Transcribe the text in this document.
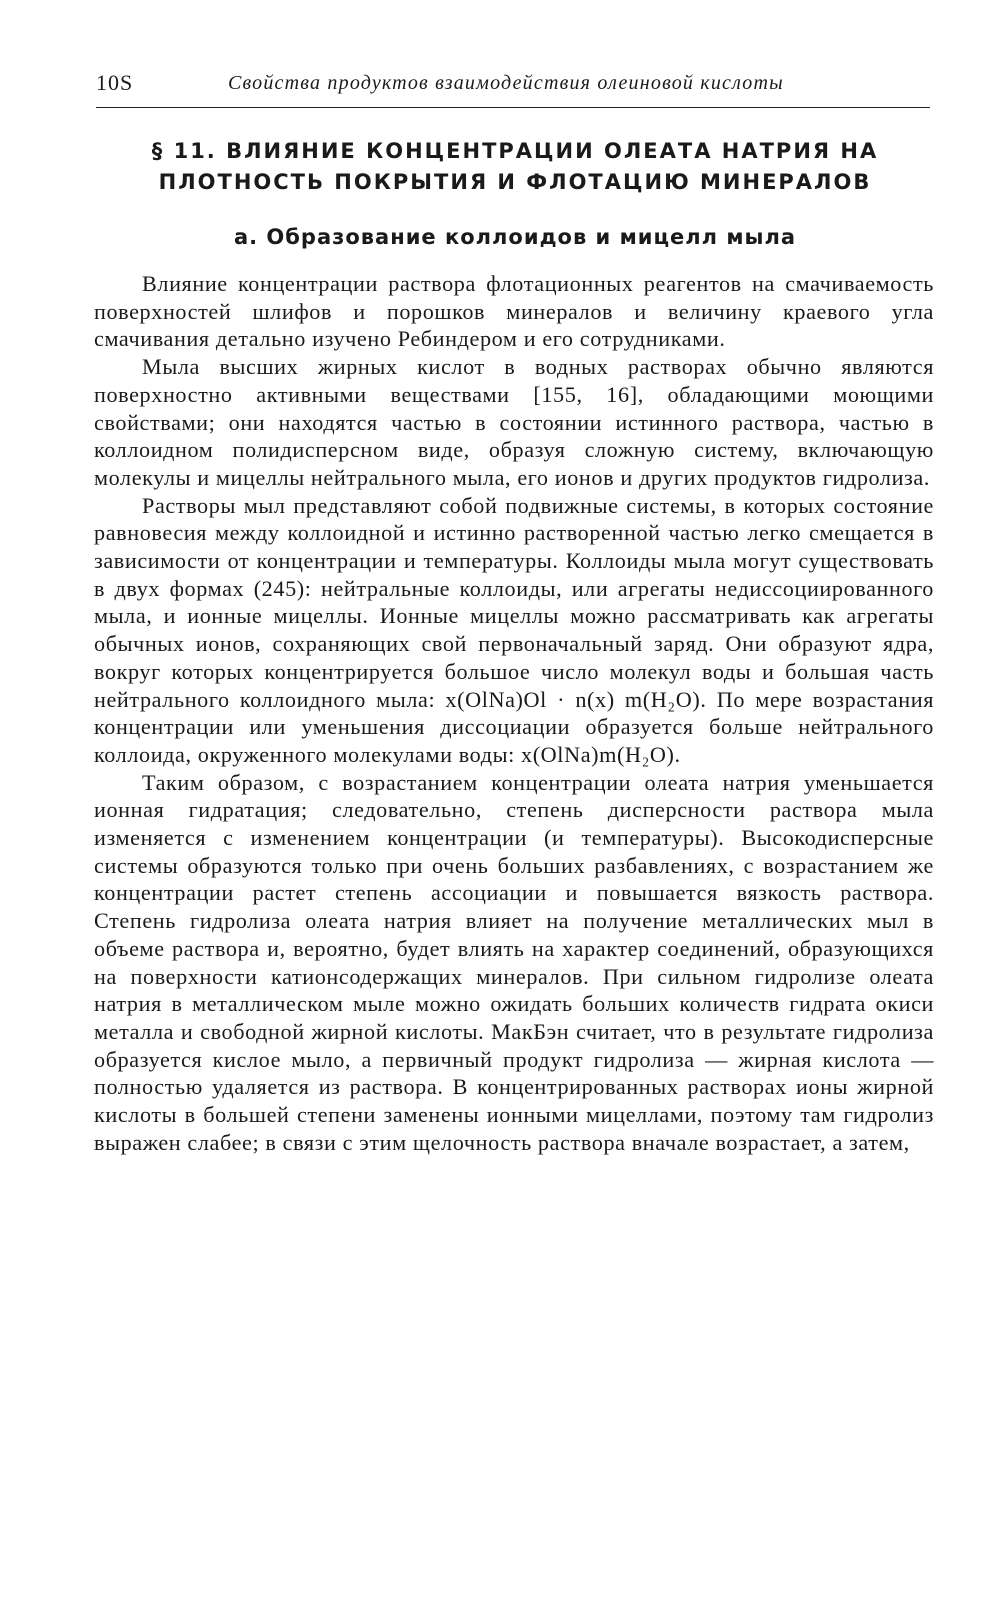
10S	Свойства продуктов взаимодействия олеиновой кислоты
§ 11. ВЛИЯНИЕ КОНЦЕНТРАЦИИ ОЛЕАТА НАТРИЯ НА ПЛОТНОСТЬ ПОКРЫТИЯ И ФЛОТАЦИЮ МИНЕРАЛОВ
а. Образование коллоидов и мицелл мыла

Влияние концентрации раствора флотационных реагентов на смачиваемость поверхностей шлифов и порошков минералов и величину краевого угла смачивания детально изучено Ребиндером и его сотрудниками.

Мыла высших жирных кислот в водных растворах обычно являются поверхностно активными веществами [155, 16], обладающими моющими свойствами; они находятся частью в состоянии истинного раствора, частью в коллоидном полидисперсном виде, образуя сложную систему, включающую молекулы и мицеллы нейтрального мыла, его ионов и других продуктов гидролиза.

Растворы мыл представляют собой подвижные системы, в которых состояние равновесия между коллоидной и истинно растворенной частью легко смещается в зависимости от концентрации и температуры. Коллоиды мыла могут существовать в двух формах (245): нейтральные коллоиды, или агрегаты недиссоциированного мыла, и ионные мицеллы. Ионные мицеллы можно рассматривать как агрегаты обычных ионов, сохраняющих свой первоначальный заряд. Они образуют ядра, вокруг которых концентрируется большое число молекул воды и большая часть нейтрального коллоидного мыла: x(OlNa)Ol · n(x) m(H₂O). По мере возрастания концентрации или уменьшения диссоциации образуется больше нейтрального коллоида, окруженного молекулами воды: x(OlNa)m(H₂O).

Таким образом, с возрастанием концентрации олеата натрия уменьшается ионная гидратация; следовательно, степень дисперсности раствора мыла изменяется с изменением концентрации (и температуры). Высокодисперсные системы образуются только при очень больших разбавлениях, с возрастанием же концентрации растет степень ассоциации и повышается вязкость раствора. Степень гидролиза олеата натрия влияет на получение металлических мыл в объеме раствора и, вероятно, будет влиять на характер соединений, образующихся на поверхности катионсодержащих минералов. При сильном гидролизе олеата натрия в металлическом мыле можно ожидать больших количеств гидрата окиси металла и свободной жирной кислоты. МакБэн считает, что в результате гидролиза образуется кислое мыло, а первичный продукт гидролиза — жирная кислота — полностью удаляется из раствора. В концентрированных растворах ионы жирной кислоты в большей степени заменены ионными мицеллами, поэтому там гидролиз выражен слабее; в связи с этим щелочность раствора вначале возрастает, а затем,
